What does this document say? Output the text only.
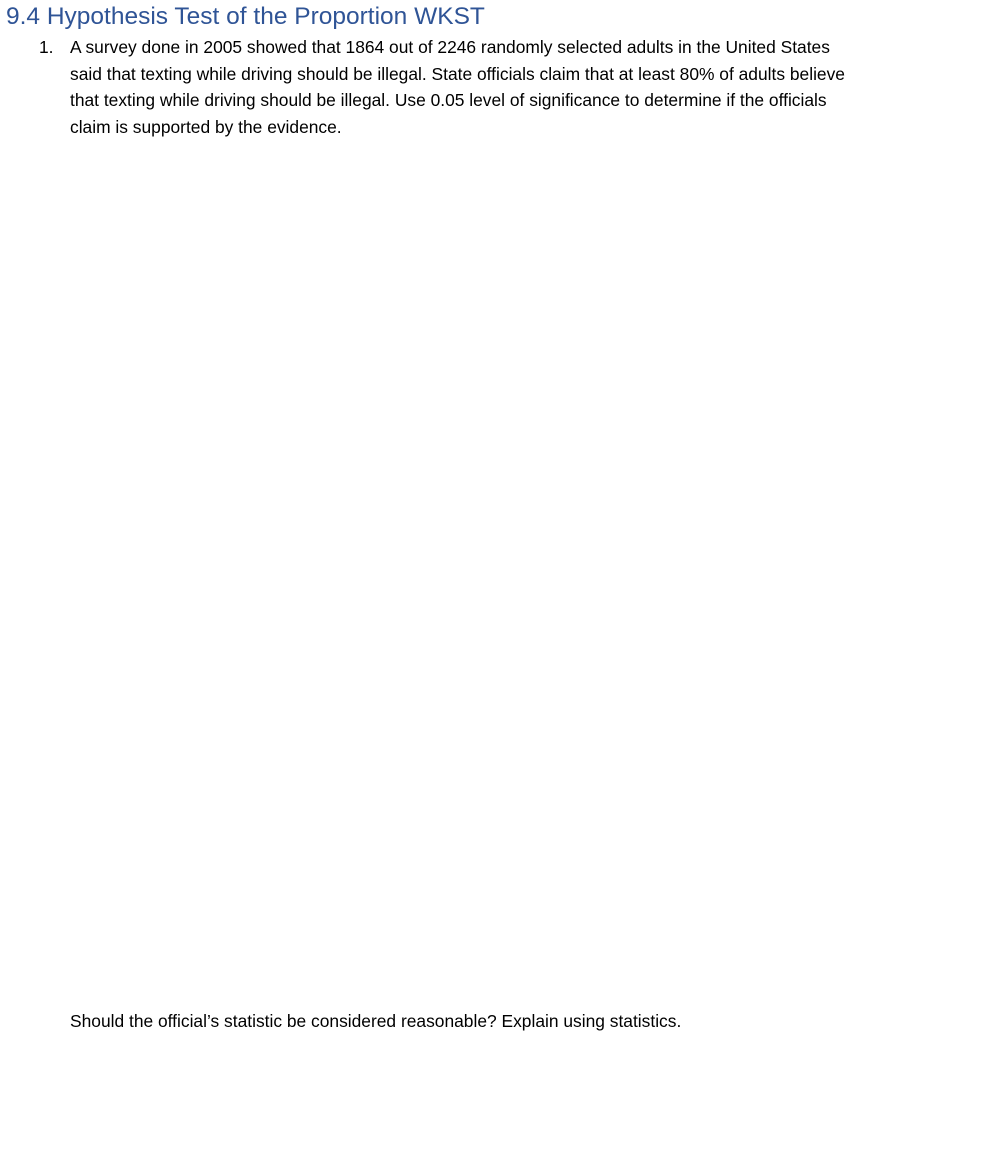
9.4 Hypothesis Test of the Proportion WKST
1. A survey done in 2005 showed that 1864 out of 2246 randomly selected adults in the United States
said that texting while driving should be illegal. State officials claim that at least 80% of adults believe
that texting while driving should be illegal. Use 0.05 level of significance to determine if the officials
claim is supported by the evidence.
Should the official’s statistic be considered reasonable? Explain using statistics.
